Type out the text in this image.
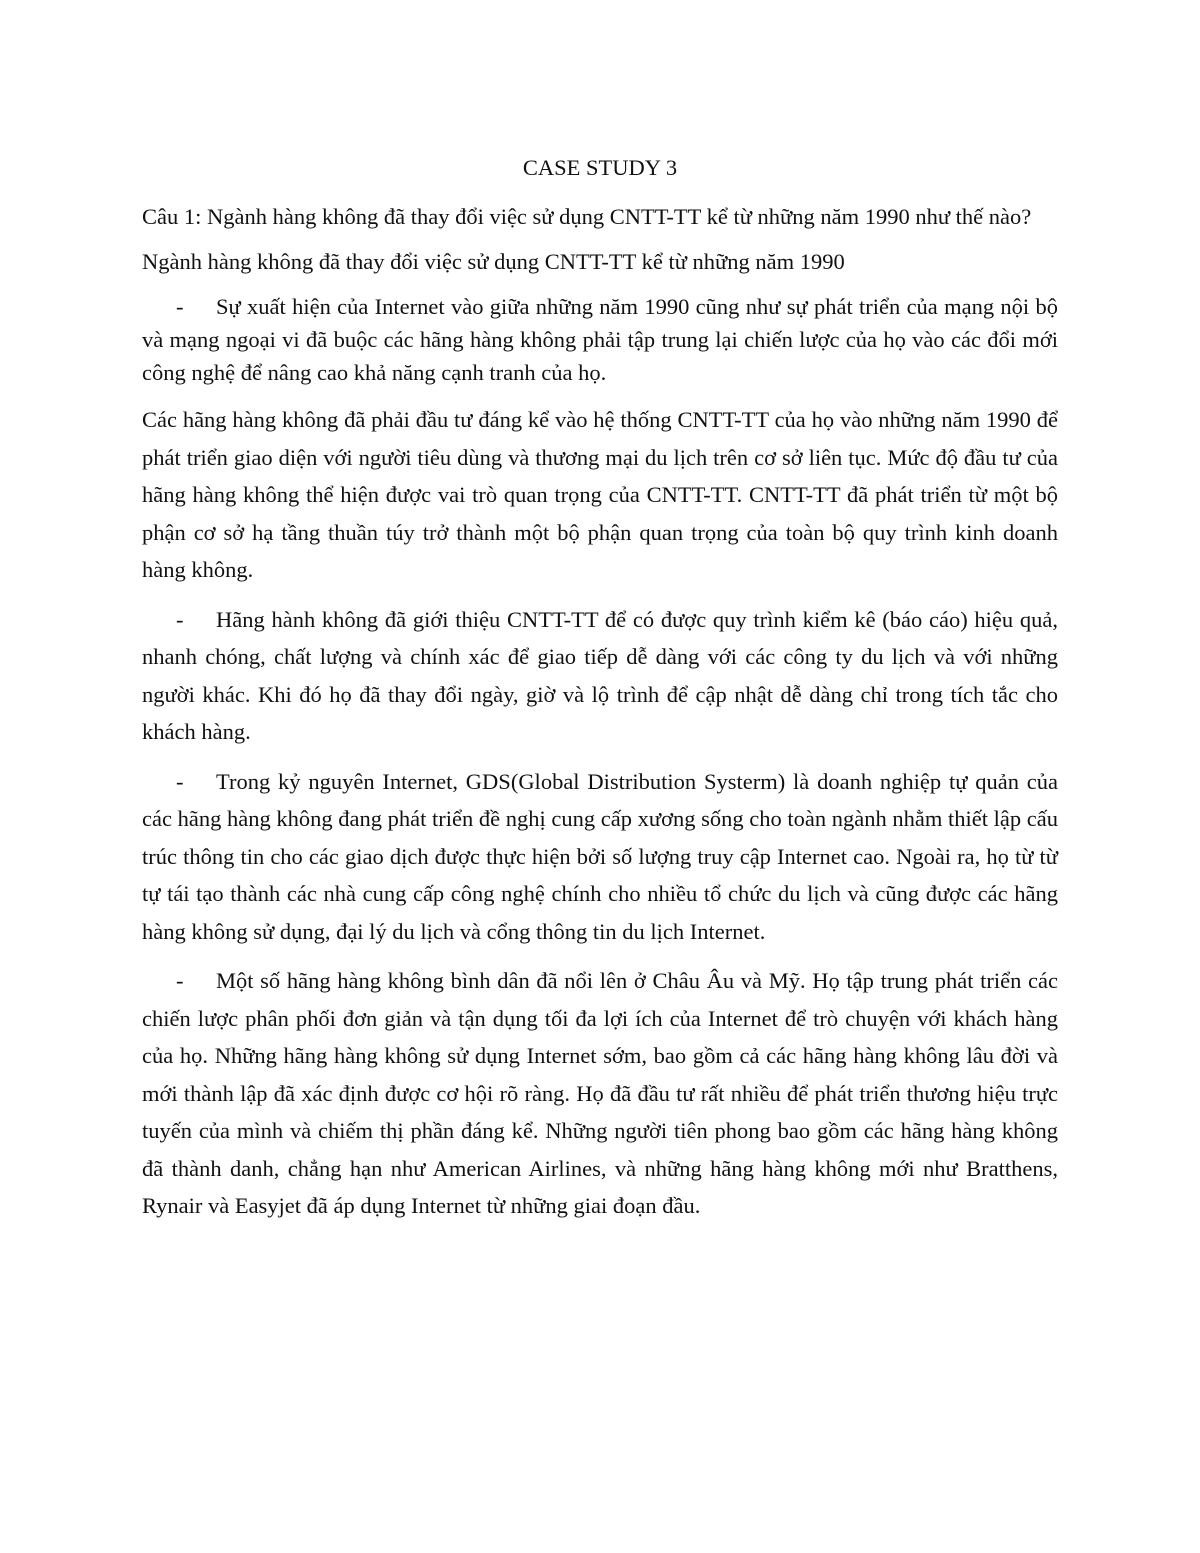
CASE STUDY 3
Câu 1: Ngành hàng không đã thay đổi việc sử dụng CNTT-TT kể từ những năm 1990 như thế nào?
Ngành hàng không đã thay đổi việc sử dụng CNTT-TT kể từ những năm 1990
- Sự xuất hiện của Internet vào giữa những năm 1990 cũng như sự phát triển của mạng nội bộ và mạng ngoại vi đã buộc các hãng hàng không phải tập trung lại chiến lược của họ vào các đổi mới công nghệ để nâng cao khả năng cạnh tranh của họ.
Các hãng hàng không đã phải đầu tư đáng kể vào hệ thống CNTT-TT của họ vào những năm 1990 để phát triển giao diện với người tiêu dùng và thương mại du lịch trên cơ sở liên tục. Mức độ đầu tư của hãng hàng không thể hiện được vai trò quan trọng của CNTT-TT. CNTT-TT đã phát triển từ một bộ phận cơ sở hạ tầng thuần túy trở thành một bộ phận quan trọng của toàn bộ quy trình kinh doanh hàng không.
- Hãng hành không đã giới thiệu CNTT-TT để có được quy trình kiểm kê (báo cáo) hiệu quả, nhanh chóng, chất lượng và chính xác để giao tiếp dễ dàng với các công ty du lịch và với những người khác. Khi đó họ đã thay đổi ngày, giờ và lộ trình để cập nhật dễ dàng chỉ trong tích tắc cho khách hàng.
- Trong kỷ nguyên Internet, GDS(Global Distribution Systerm) là doanh nghiệp tự quản của các hãng hàng không đang phát triển đề nghị cung cấp xương sống cho toàn ngành nhằm thiết lập cấu trúc thông tin cho các giao dịch được thực hiện bởi số lượng truy cập Internet cao. Ngoài ra, họ từ từ tự tái tạo thành các nhà cung cấp công nghệ chính cho nhiều tổ chức du lịch và cũng được các hãng hàng không sử dụng, đại lý du lịch và cổng thông tin du lịch Internet.
- Một số hãng hàng không bình dân đã nổi lên ở Châu Âu và Mỹ. Họ tập trung phát triển các chiến lược phân phối đơn giản và tận dụng tối đa lợi ích của Internet để trò chuyện với khách hàng của họ. Những hãng hàng không sử dụng Internet sớm, bao gồm cả các hãng hàng không lâu đời và mới thành lập đã xác định được cơ hội rõ ràng. Họ đã đầu tư rất nhiều để phát triển thương hiệu trực tuyến của mình và chiếm thị phần đáng kể. Những người tiên phong bao gồm các hãng hàng không đã thành danh, chẳng hạn như American Airlines, và những hãng hàng không mới như Bratthens, Rynair và Easyjet đã áp dụng Internet từ những giai đoạn đầu.
